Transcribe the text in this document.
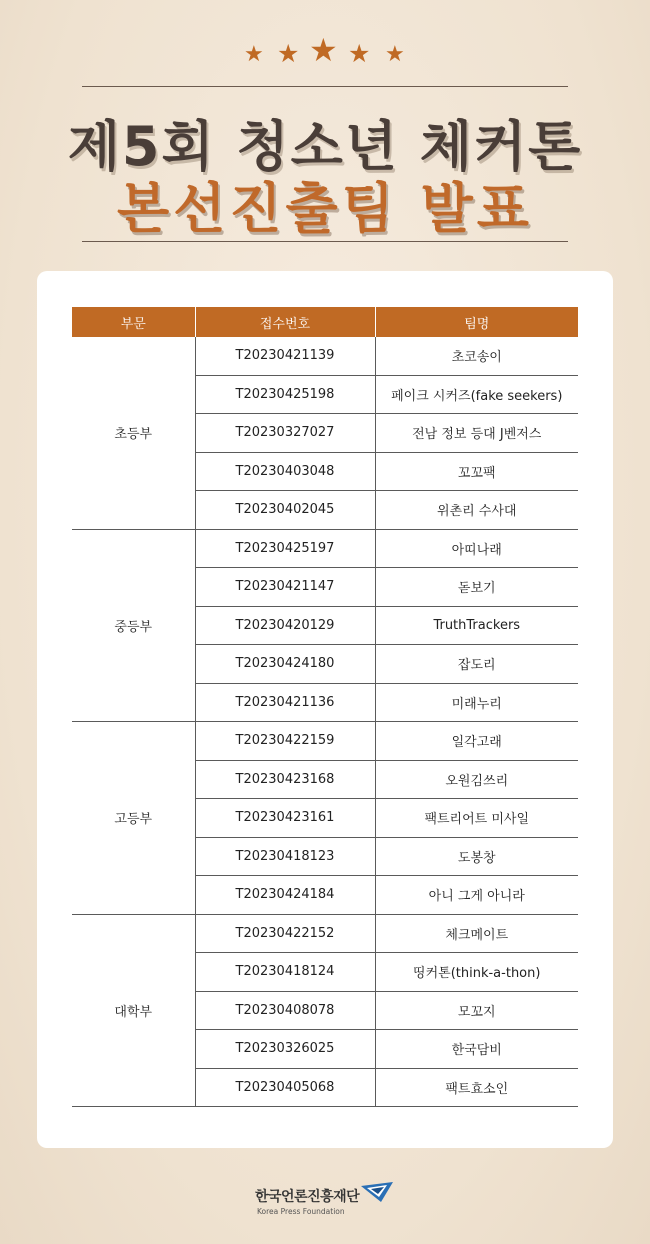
★ ★ ★ ★ ★
제5회 청소년 체커톤
본선진출팀 발표
부문	접수번호	팀명
초등부	T20230421139	초코송이
	T20230425198	페이크 시커즈(fake seekers)
	T20230327027	전남 정보 등대 J벤저스
	T20230403048	꼬꼬팩
	T20230402045	위촌리 수사대
중등부	T20230425197	아띠나래
	T20230421147	돋보기
	T20230420129	TruthTrackers
	T20230424180	잡도리
	T20230421136	미래누리
고등부	T20230422159	일각고래
	T20230423168	오원김쓰리
	T20230423161	팩트리어트 미사일
	T20230418123	도봉창
	T20230424184	아니 그게 아니라
대학부	T20230422152	체크메이트
	T20230418124	띵커톤(think-a-thon)
	T20230408078	모꼬지
	T20230326025	한국담비
	T20230405068	팩트효소인
한국언론진흥재단
Korea Press Foundation
